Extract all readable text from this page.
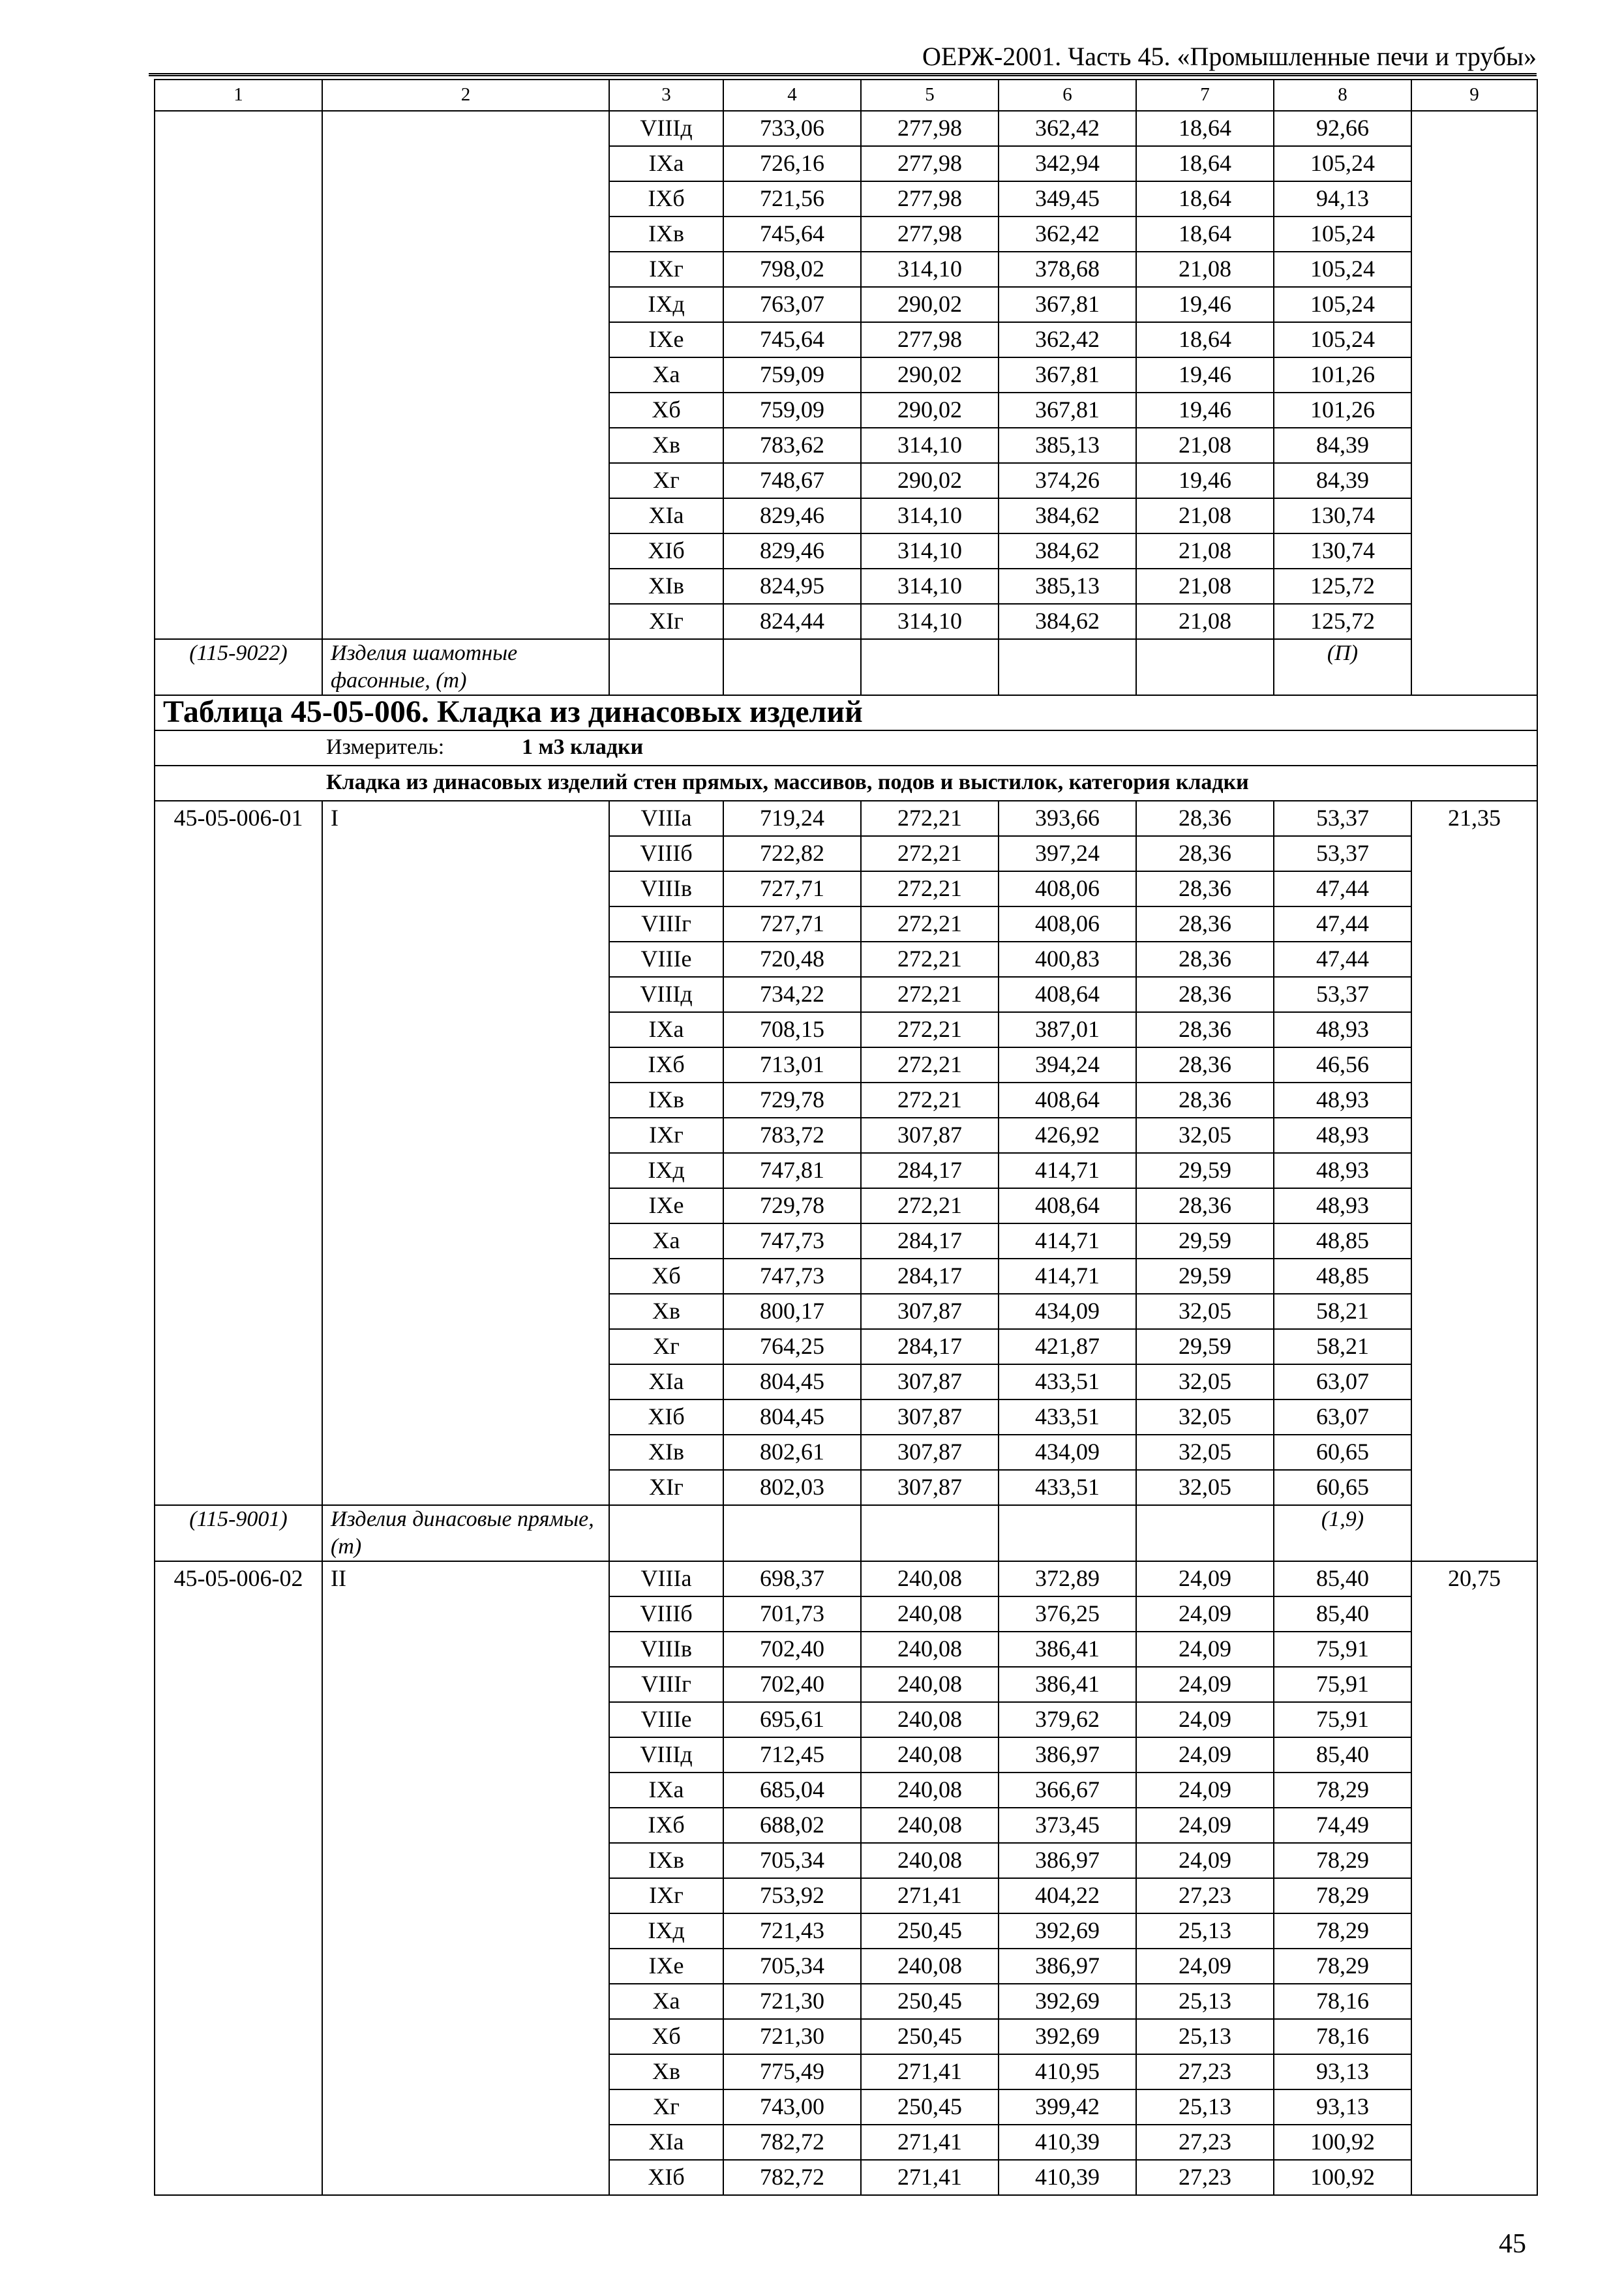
ОЕРЖ-2001. Часть 45. «Промышленные печи и трубы»
1	2	3	4	5	6	7	8	9
		VIIIд	733,06	277,98	362,42	18,64	92,66	
		IXa	726,16	277,98	342,94	18,64	105,24	
		IXб	721,56	277,98	349,45	18,64	94,13	
		IXв	745,64	277,98	362,42	18,64	105,24	
		IXг	798,02	314,10	378,68	21,08	105,24	
		IXд	763,07	290,02	367,81	19,46	105,24	
		IXe	745,64	277,98	362,42	18,64	105,24	
		Xa	759,09	290,02	367,81	19,46	101,26	
		Xб	759,09	290,02	367,81	19,46	101,26	
		Xв	783,62	314,10	385,13	21,08	84,39	
		Xг	748,67	290,02	374,26	19,46	84,39	
		XIa	829,46	314,10	384,62	21,08	130,74	
		XIб	829,46	314,10	384,62	21,08	130,74	
		XIв	824,95	314,10	385,13	21,08	125,72	
		XIг	824,44	314,10	384,62	21,08	125,72	
(115-9022)	Изделия шамотные фасонные, (т)						(П)	
Таблица 45-05-006. Кладка из динасовых изделий								
Измеритель: 1 м3 кладки								
Кладка из динасовых изделий стен прямых, массивов, подов и выстилок, категория кладки								
45-05-006-01	I	VIIIa	719,24	272,21	393,66	28,36	53,37	21,35
		VIIIб	722,82	272,21	397,24	28,36	53,37	
		VIIIв	727,71	272,21	408,06	28,36	47,44	
		VIIIг	727,71	272,21	408,06	28,36	47,44	
		VIIIe	720,48	272,21	400,83	28,36	47,44	
		VIIIд	734,22	272,21	408,64	28,36	53,37	
		IXa	708,15	272,21	387,01	28,36	48,93	
		IXб	713,01	272,21	394,24	28,36	46,56	
		IXв	729,78	272,21	408,64	28,36	48,93	
		IXг	783,72	307,87	426,92	32,05	48,93	
		IXд	747,81	284,17	414,71	29,59	48,93	
		IXe	729,78	272,21	408,64	28,36	48,93	
		Xa	747,73	284,17	414,71	29,59	48,85	
		Xб	747,73	284,17	414,71	29,59	48,85	
		Xв	800,17	307,87	434,09	32,05	58,21	
		Xг	764,25	284,17	421,87	29,59	58,21	
		XIa	804,45	307,87	433,51	32,05	63,07	
		XIб	804,45	307,87	433,51	32,05	63,07	
		XIв	802,61	307,87	434,09	32,05	60,65	
		XIг	802,03	307,87	433,51	32,05	60,65	
(115-9001)	Изделия динасовые прямые, (т)						(1,9)	
45-05-006-02	II	VIIIa	698,37	240,08	372,89	24,09	85,40	20,75
		VIIIб	701,73	240,08	376,25	24,09	85,40	
		VIIIв	702,40	240,08	386,41	24,09	75,91	
		VIIIг	702,40	240,08	386,41	24,09	75,91	
		VIIIe	695,61	240,08	379,62	24,09	75,91	
		VIIIд	712,45	240,08	386,97	24,09	85,40	
		IXa	685,04	240,08	366,67	24,09	78,29	
		IXб	688,02	240,08	373,45	24,09	74,49	
		IXв	705,34	240,08	386,97	24,09	78,29	
		IXг	753,92	271,41	404,22	27,23	78,29	
		IXд	721,43	250,45	392,69	25,13	78,29	
		IXe	705,34	240,08	386,97	24,09	78,29	
		Xa	721,30	250,45	392,69	25,13	78,16	
		Xб	721,30	250,45	392,69	25,13	78,16	
		Xв	775,49	271,41	410,95	27,23	93,13	
		Xг	743,00	250,45	399,42	25,13	93,13	
		XIa	782,72	271,41	410,39	27,23	100,92	
		XIб	782,72	271,41	410,39	27,23	100,92	
45
